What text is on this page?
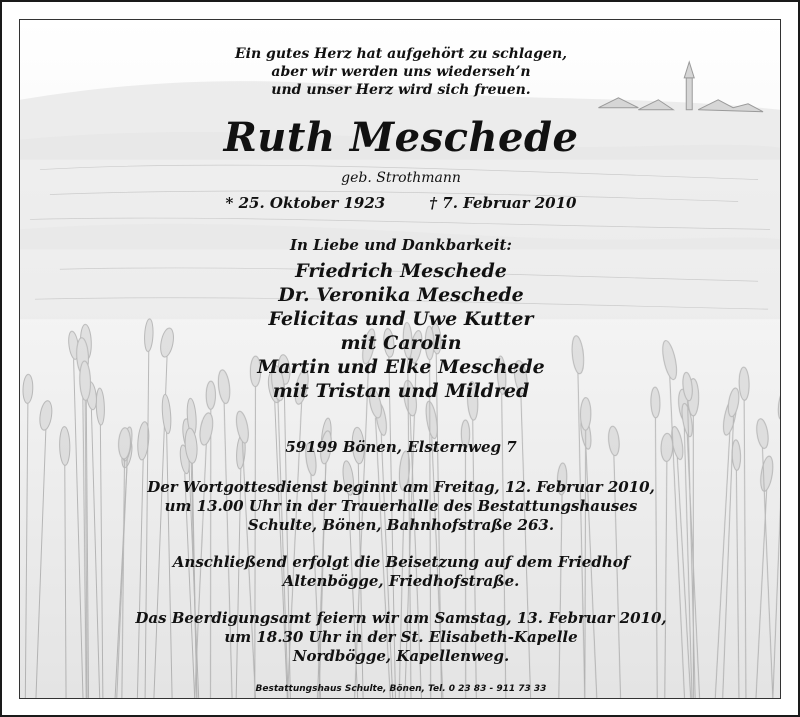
Ein gutes Herz hat aufgehört zu schlagen,
aber wir werden uns wiederseh’n
und unser Herz wird sich freuen.
Ruth Meschede
geb. Strothmann
* 25. Oktober 1923	† 7. Februar 2010
In Liebe und Dankbarkeit:
Friedrich Meschede
Dr. Veronika Meschede
Felicitas und Uwe Kutter
mit Carolin
Martin und Elke Meschede
mit Tristan und Mildred
59199 Bönen, Elsternweg 7
Der Wortgottesdienst beginnt am Freitag, 12. Februar 2010,
um 13.00 Uhr in der Trauerhalle des Bestattungshauses
Schulte, Bönen, Bahnhofstraße 263.
Anschließend erfolgt die Beisetzung auf dem Friedhof
Altenbögge, Friedhofstraße.
Das Beerdigungsamt feiern wir am Samstag, 13. Februar 2010,
um 18.30 Uhr in der St. Elisabeth-Kapelle
Nordbögge, Kapellenweg.
Bestattungshaus Schulte, Bönen, Tel. 0 23 83 - 911 73 33
